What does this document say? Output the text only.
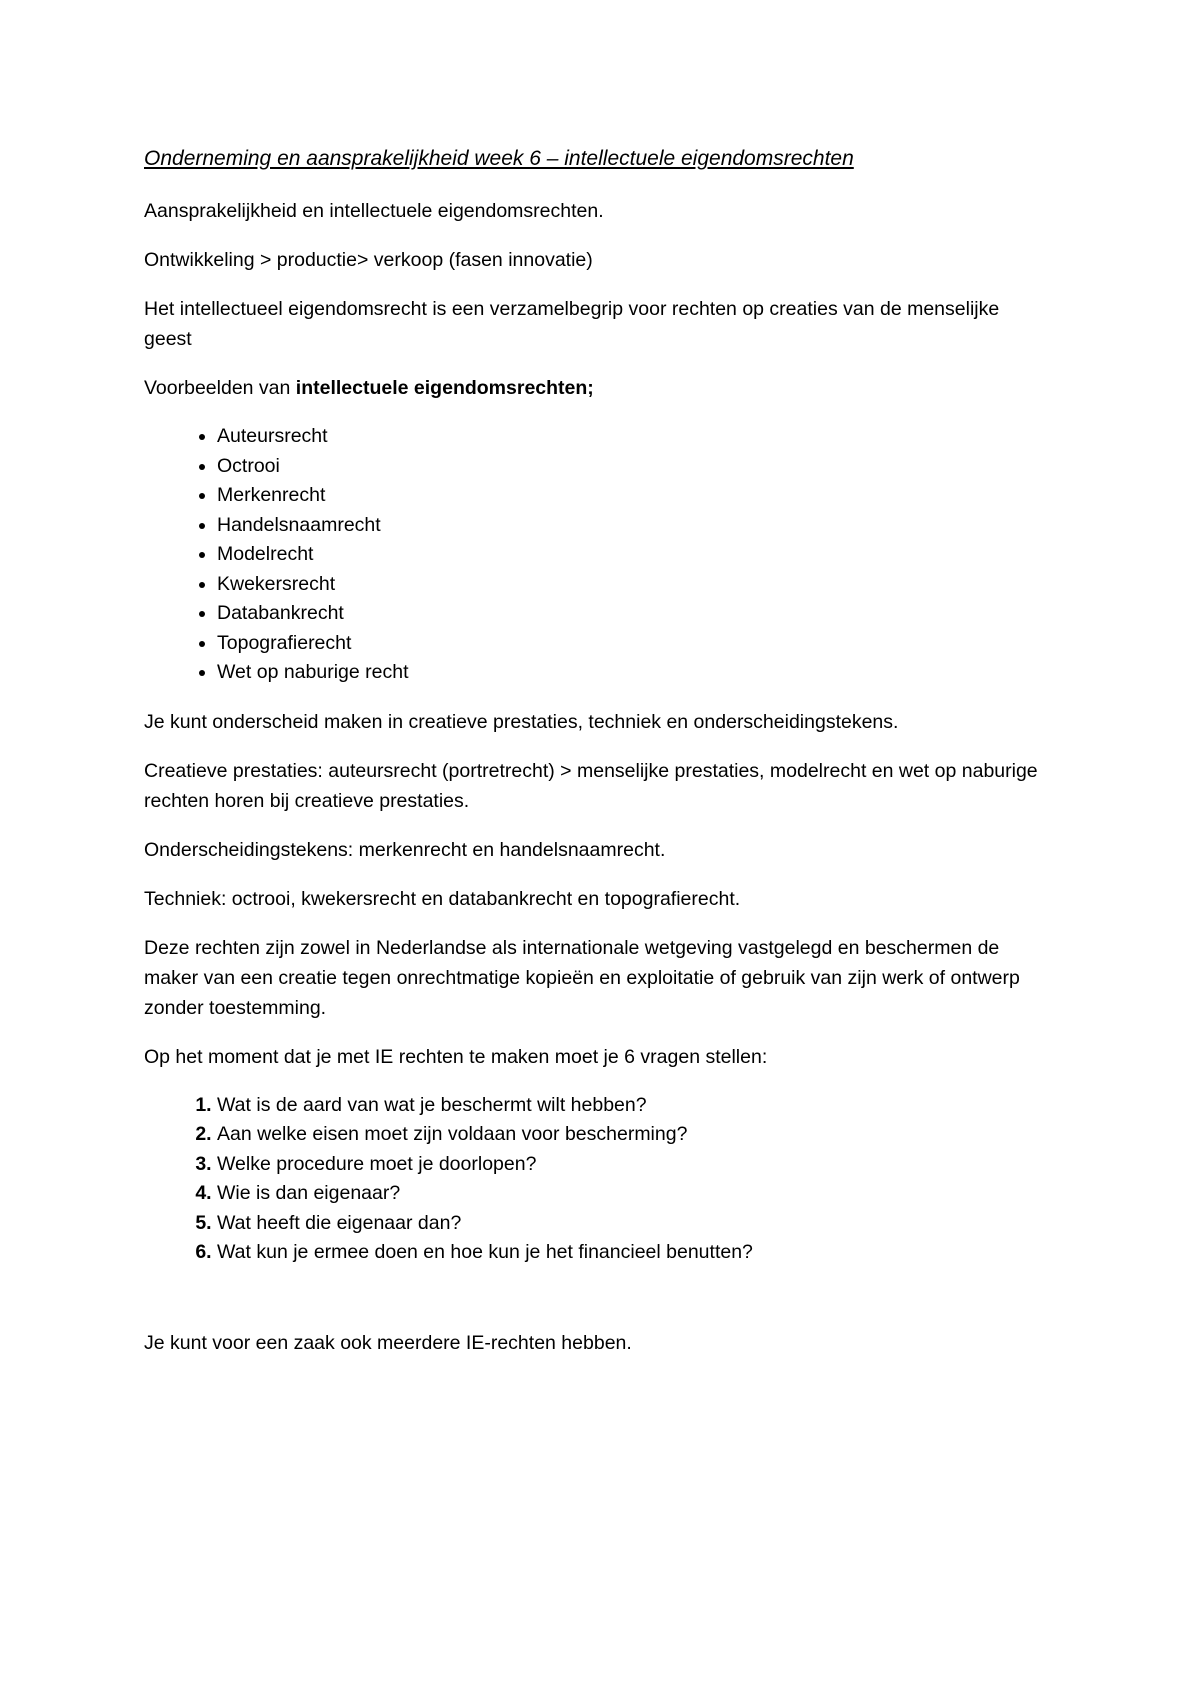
Onderneming en aansprakelijkheid week 6 – intellectuele eigendomsrechten

Aansprakelijkheid en intellectuele eigendomsrechten.

Ontwikkeling > productie> verkoop (fasen innovatie)

Het intellectueel eigendomsrecht is een verzamelbegrip voor rechten op creaties van de menselijke geest

Voorbeelden van intellectuele eigendomsrechten;

• Auteursrecht
• Octrooi
• Merkenrecht
• Handelsnaamrecht
• Modelrecht
• Kwekersrecht
• Databankrecht
• Topografierecht
• Wet op naburige recht

Je kunt onderscheid maken in creatieve prestaties, techniek en onderscheidingstekens.

Creatieve prestaties: auteursrecht (portretrecht) > menselijke prestaties, modelrecht en wet op naburige rechten horen bij creatieve prestaties.

Onderscheidingstekens: merkenrecht en handelsnaamrecht.

Techniek: octrooi, kwekersrecht en databankrecht en topografierecht.

Deze rechten zijn zowel in Nederlandse als internationale wetgeving vastgelegd en beschermen de maker van een creatie tegen onrechtmatige kopieën en exploitatie of gebruik van zijn werk of ontwerp zonder toestemming.

Op het moment dat je met IE rechten te maken moet je 6 vragen stellen:

1. Wat is de aard van wat je beschermt wilt hebben?
2. Aan welke eisen moet zijn voldaan voor bescherming?
3. Welke procedure moet je doorlopen?
4. Wie is dan eigenaar?
5. Wat heeft die eigenaar dan?
6. Wat kun je ermee doen en hoe kun je het financieel benutten?

Je kunt voor een zaak ook meerdere IE-rechten hebben.
